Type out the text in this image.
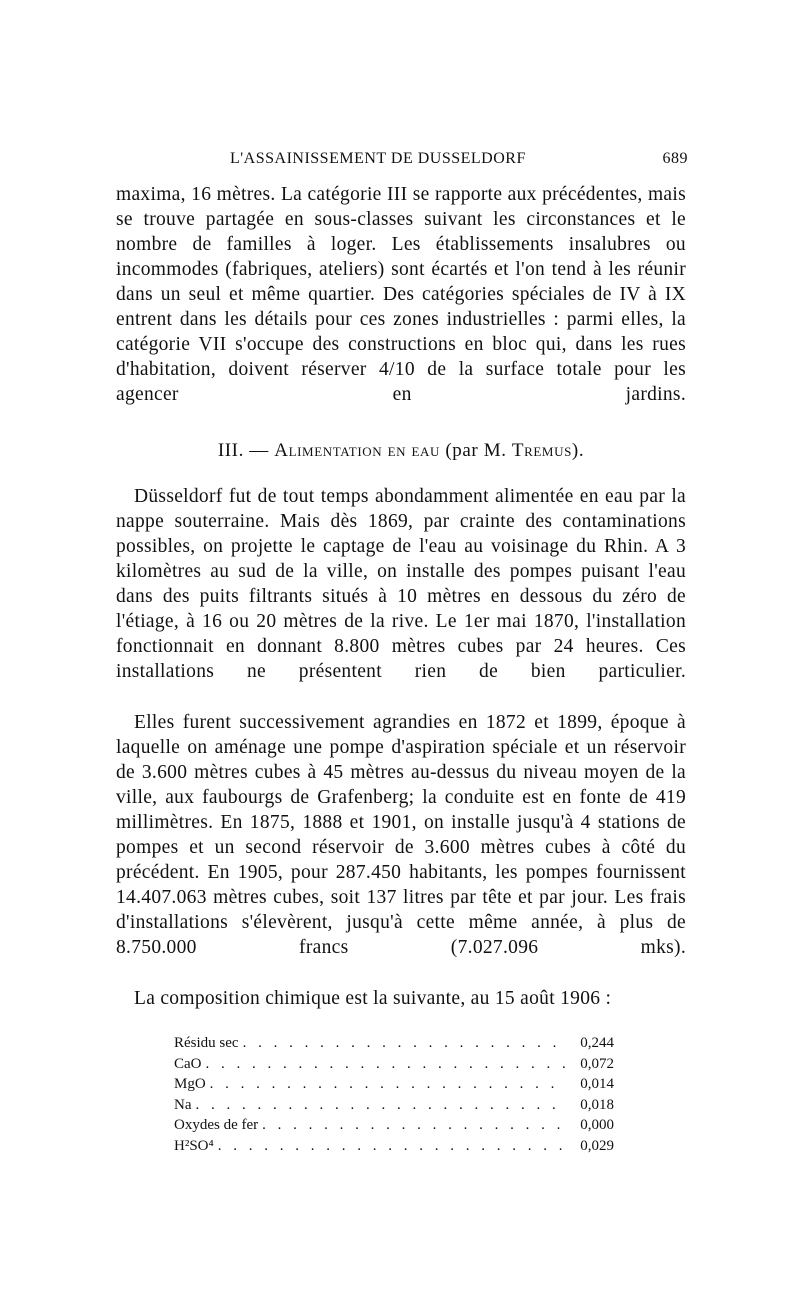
L'ASSAINISSEMENT DE DUSSELDORF	689

maxima, 16 mètres. La catégorie III se rapporte aux précédentes, mais se trouve partagée en sous-classes suivant les circonstances et le nombre de familles à loger. Les établissements insalubres ou incommodes (fabriques, ateliers) sont écartés et l'on tend à les réunir dans un seul et même quartier. Des catégories spéciales de IV à IX entrent dans les détails pour ces zones industrielles : parmi elles, la catégorie VII s'occupe des constructions en bloc qui, dans les rues d'habitation, doivent réserver 4/10 de la surface totale pour les agencer en jardins.

III. — Alimentation en eau (par M. Tremus).

Düsseldorf fut de tout temps abondamment alimentée en eau par la nappe souterraine. Mais dès 1869, par crainte des contaminations possibles, on projette le captage de l'eau au voisinage du Rhin. A 3 kilomètres au sud de la ville, on installe des pompes puisant l'eau dans des puits filtrants situés à 10 mètres en dessous du zéro de l'étiage, à 16 ou 20 mètres de la rive. Le 1er mai 1870, l'installation fonctionnait en donnant 8.800 mètres cubes par 24 heures. Ces installations ne présentent rien de bien particulier.

Elles furent successivement agrandies en 1872 et 1899, époque à laquelle on aménage une pompe d'aspiration spéciale et un réservoir de 3.600 mètres cubes à 45 mètres au-dessus du niveau moyen de la ville, aux faubourgs de Grafenberg; la conduite est en fonte de 419 millimètres. En 1875, 1888 et 1901, on installe jusqu'à 4 stations de pompes et un second réservoir de 3.600 mètres cubes à côté du précédent. En 1905, pour 287.450 habitants, les pompes fournissent 14.407.063 mètres cubes, soit 137 litres par tête et par jour. Les frais d'installations s'élevèrent, jusqu'à cette même année, à plus de 8.750.000 francs (7.027.096 mks).

La composition chimique est la suivante, au 15 août 1906 :

Résidu sec . . .	0,244
CaO . . .	0,072
MgO . . .	0,014
Na . . .	0,018
Oxydes de fer . . .	0,000
H²SO⁴ . . .	0,029
